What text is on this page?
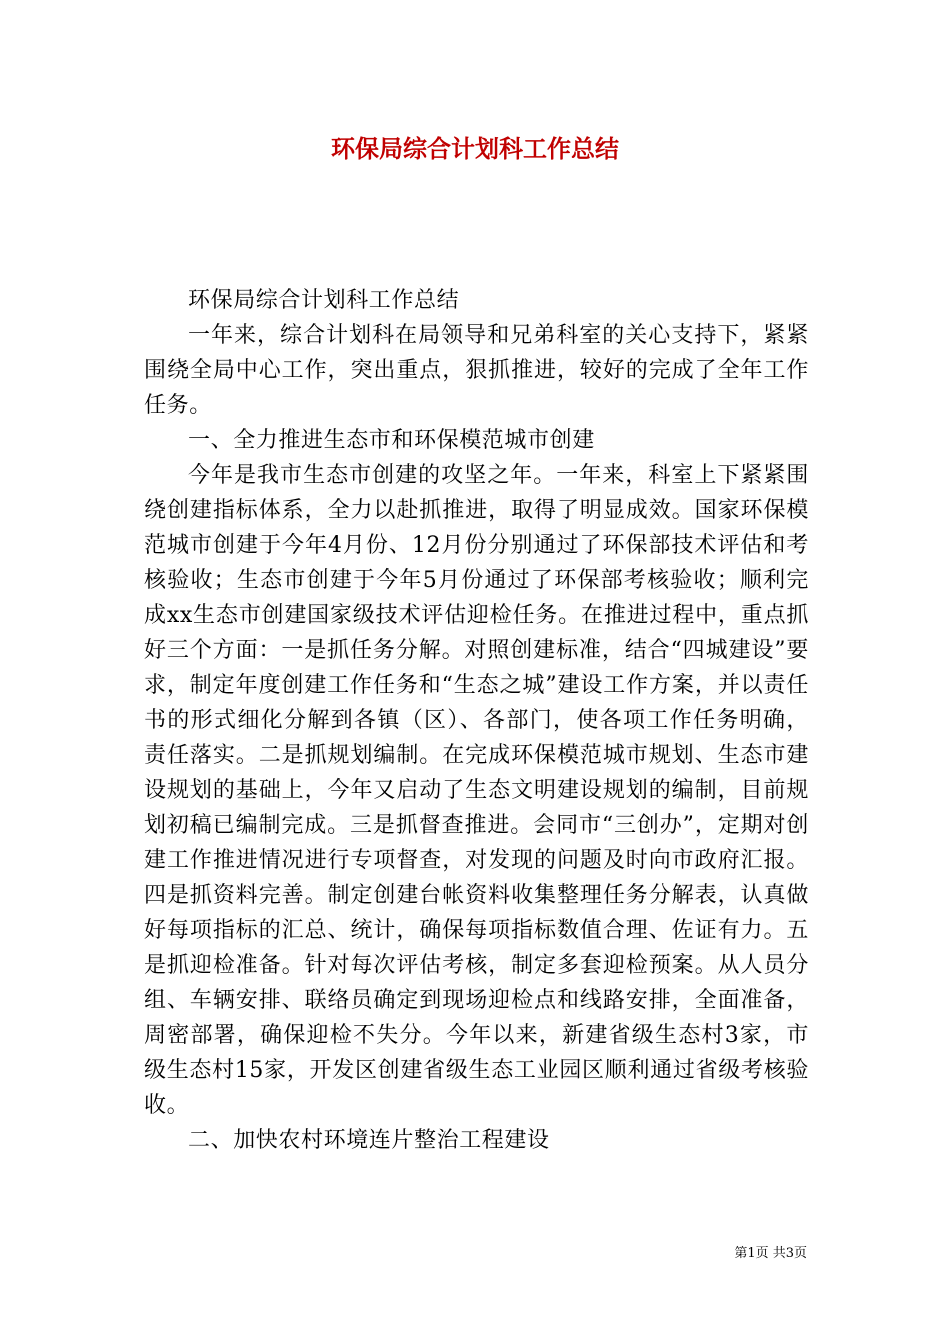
环保局综合计划科工作总结

环保局综合计划科工作总结

一年来，综合计划科在局领导和兄弟科室的关心支持下，紧紧围绕全局中心工作，突出重点，狠抓推进，较好的完成了全年工作任务。

一、全力推进生态市和环保模范城市创建

今年是我市生态市创建的攻坚之年。一年来，科室上下紧紧围绕创建指标体系，全力以赴抓推进，取得了明显成效。国家环保模范城市创建于今年4月份、12月份分别通过了环保部技术评估和考核验收；生态市创建于今年5月份通过了环保部考核验收；顺利完成xx生态市创建国家级技术评估迎检任务。在推进过程中，重点抓好三个方面：一是抓任务分解。对照创建标准，结合“四城建设”要求，制定年度创建工作任务和“生态之城”建设工作方案，并以责任书的形式细化分解到各镇（区）、各部门，使各项工作任务明确，责任落实。二是抓规划编制。在完成环保模范城市规划、生态市建设规划的基础上，今年又启动了生态文明建设规划的编制，目前规划初稿已编制完成。三是抓督查推进。会同市“三创办”，定期对创建工作推进情况进行专项督查，对发现的问题及时向市政府汇报。四是抓资料完善。制定创建台帐资料收集整理任务分解表，认真做好每项指标的汇总、统计，确保每项指标数值合理、佐证有力。五是抓迎检准备。针对每次评估考核，制定多套迎检预案。从人员分组、车辆安排、联络员确定到现场迎检点和线路安排，全面准备，周密部署，确保迎检不失分。今年以来，新建省级生态村3家，市级生态村15家，开发区创建省级生态工业园区顺利通过省级考核验收。

二、加快农村环境连片整治工程建设

第1页 共3页
